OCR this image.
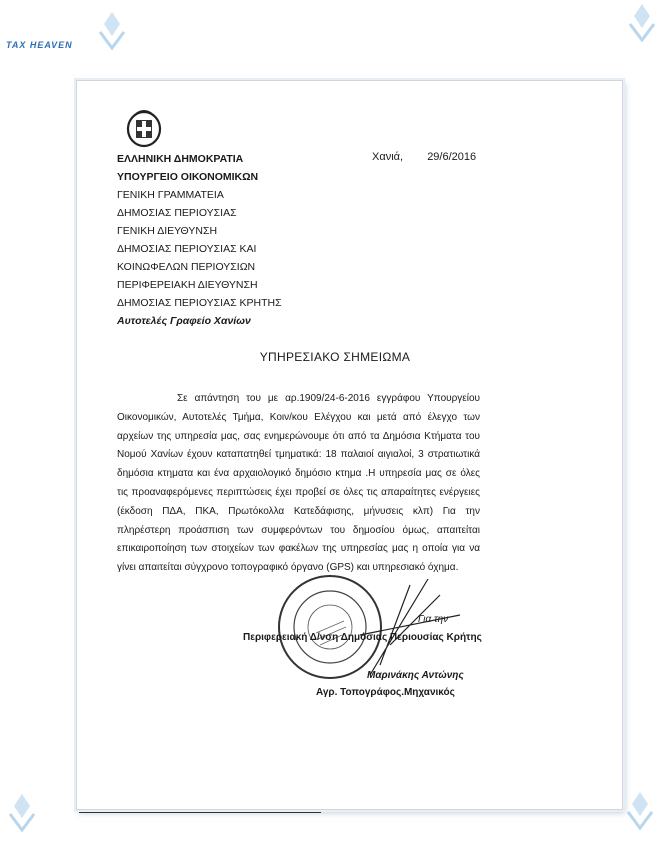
TAX HEAVEN
ΕΛΛΗΝΙΚΗ ΔΗΜΟΚΡΑΤΙΑ
ΥΠΟΥΡΓΕΙΟ ΟΙΚΟΝΟΜΙΚΩΝ
ΓΕΝΙΚΗ ΓΡΑΜΜΑΤΕΙΑ
ΔΗΜΟΣΙΑΣ ΠΕΡΙΟΥΣΙΑΣ
ΓΕΝΙΚΗ ΔΙΕΥΘΥΝΣΗ
ΔΗΜΟΣΙΑΣ ΠΕΡΙΟΥΣΙΑΣ ΚΑΙ
ΚΟΙΝΩΦΕΛΩΝ ΠΕΡΙΟΥΣΙΩΝ
ΠΕΡΙΦΕΡΕΙΑΚΗ ΔΙΕΥΘΥΝΣΗ
ΔΗΜΟΣΙΑΣ ΠΕΡΙΟΥΣΙΑΣ ΚΡΗΤΗΣ
Αυτοτελές Γραφείο Χανίων
Χανιά, 29/6/2016
ΥΠΗΡΕΣΙΑΚΟ ΣΗΜΕΙΩΜΑ

Σε απάντηση του με αρ.1909/24-6-2016 εγγράφου Υπουργείου Οικονομικών, Αυτοτελές Τμήμα, Κοιν/κου Ελέγχου και μετά από έλεγχο των αρχείων της υπηρεσία μας, σας ενημερώνουμε ότι από τα Δημόσια Κτήματα του Νομού Χανίων έχουν καταπατηθεί τμηματικά: 18 παλαιοί αιγιαλοί, 3 στρατιωτικά δημόσια κτηματα και ένα αρχαιολογικό δημόσιο κτημα .Η υπηρεσία μας σε όλες τις προαναφερόμενες περιπτώσεις έχει προβεί σε όλες τις απαραίτητες ενέργειες (έκδοση ΠΔΑ, ΠΚΑ, Πρωτόκολλα Κατεδάφισης, μήνυσεις κλπ) Για την πληρέστερη προάσπιση των συμφερόντων του δημοσίου όμως, απαιτείται επικαιροποίηση των στοιχείων των φακέλων της υπηρεσίας μας η οποία για να γίνει απαιτείται σύγχρονο τοπογραφικό όργανο (GPS) και υπηρεσιακό όχημα.

Για την
Περιφερειακή Δ/νση Δημόσιας Περιουσίας Κρήτης
Μαρινάκης Αντώνης
Αγρ. Τοπογράφος.Μηχανικός
